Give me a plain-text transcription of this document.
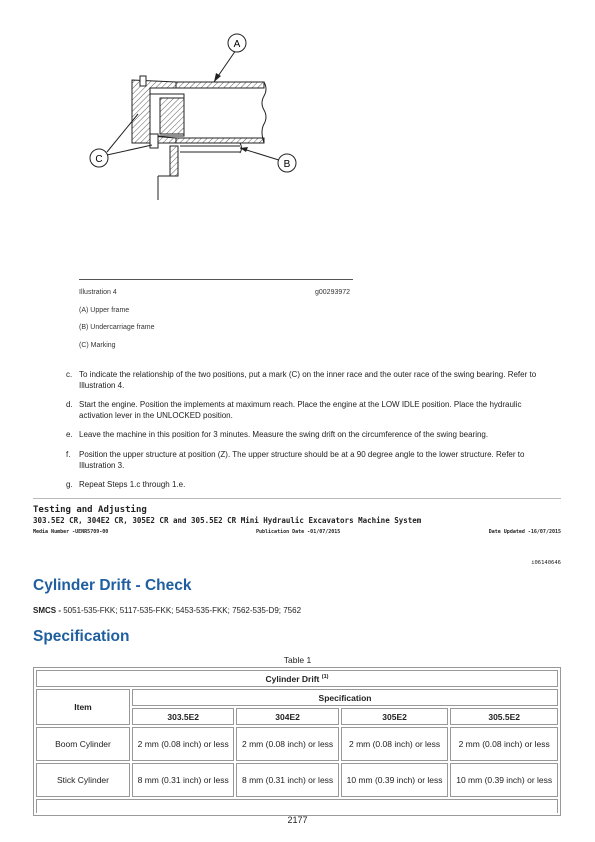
A
C	B
Illustration 4	g00293972
(A) Upper frame
(B) Undercarriage frame
(C) Marking
c. To indicate the relationship of the two positions, put a mark (C) on the inner race and the outer race of the swing bearing. Refer to Illustration 4.
d. Start the engine. Position the implements at maximum reach. Place the engine at the LOW IDLE position. Place the hydraulic activation lever in the UNLOCKED position.
e. Leave the machine in this position for 3 minutes. Measure the swing drift on the circumference of the swing bearing.
f. Position the upper structure at position (Z). The upper structure should be at a 90 degree angle to the lower structure. Refer to Illustration 3.
g. Repeat Steps 1.c through 1.e.
Testing and Adjusting
303.5E2 CR, 304E2 CR, 305E2 CR and 305.5E2 CR Mini Hydraulic Excavators Machine System
Media Number -UENR5709-00	Publication Date -01/07/2015	Date Updated -16/07/2015
i06140646
Cylinder Drift - Check
SMCS - 5051-535-FKK; 5117-535-FKK; 5453-535-FKK; 7562-535-D9; 7562
Specification
Table 1
Cylinder Drift $^{(1)}$
Item	Specification			
	303.5E2	304E2	305E2	305.5E2
Boom Cylinder	2 mm (0.08 inch) or less	2 mm (0.08 inch) or less	2 mm (0.08 inch) or less	2 mm (0.08 inch) or less
Stick Cylinder	8 mm (0.31 inch) or less	8 mm (0.31 inch) or less	10 mm (0.39 inch) or less	10 mm (0.39 inch) or less

2177
